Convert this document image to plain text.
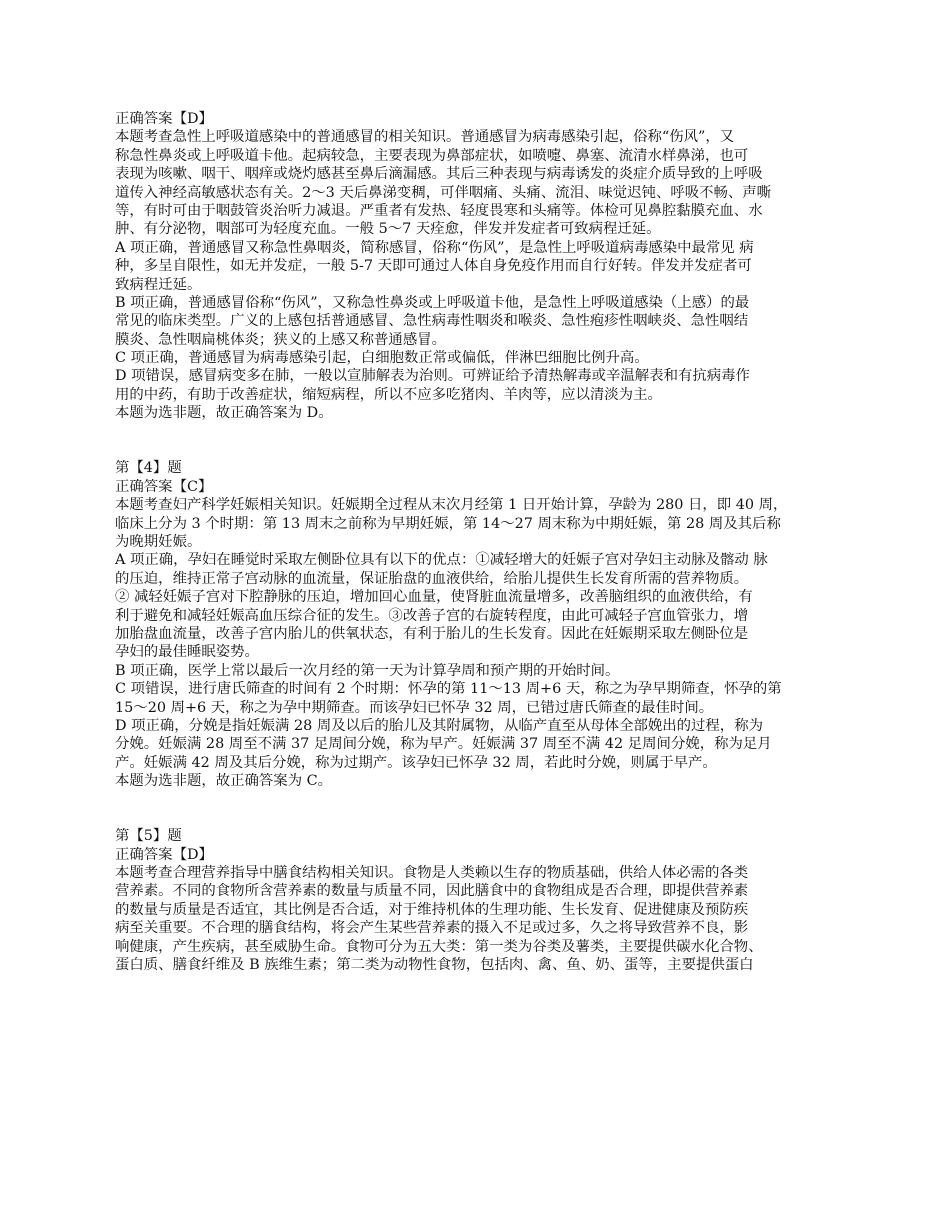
正确答案【D】
本题考查急性上呼吸道感染中的普通感冒的相关知识。普通感冒为病毒感染引起，俗称“伤风”，又
称急性鼻炎或上呼吸道卡他。起病较急，主要表现为鼻部症状，如喷嚏、鼻塞、流清水样鼻涕，也可
表现为咳嗽、咽干、咽痒或烧灼感甚至鼻后滴漏感。其后三种表现与病毒诱发的炎症介质导致的上呼吸
道传入神经高敏感状态有关。2～3 天后鼻涕变稠，可伴咽痛、头痛、流泪、味觉迟钝、呼吸不畅、声嘶
等，有时可由于咽鼓管炎治听力减退。严重者有发热、轻度畏寒和头痛等。体检可见鼻腔黏膜充血、水
肿、有分泌物，咽部可为轻度充血。一般 5～7 天痊愈，伴发并发症者可致病程迁延。
A 项正确，普通感冒又称急性鼻咽炎，简称感冒，俗称“伤风”，是急性上呼吸道病毒感染中最常见 病
种，多呈自限性，如无并发症，一般 5-7 天即可通过人体自身免疫作用而自行好转。伴发并发症者可
致病程迁延。
B 项正确，普通感冒俗称“伤风”，又称急性鼻炎或上呼吸道卡他，是急性上呼吸道感染（上感）的最
常见的临床类型。广义的上感包括普通感冒、急性病毒性咽炎和喉炎、急性疱疹性咽峡炎、急性咽结
膜炎、急性咽扁桃体炎；狭义的上感又称普通感冒。
C 项正确，普通感冒为病毒感染引起，白细胞数正常或偏低，伴淋巴细胞比例升高。
D 项错误，感冒病变多在肺，一般以宣肺解表为治则。可辨证给予清热解毒或辛温解表和有抗病毒作
用的中药，有助于改善症状，缩短病程，所以不应多吃猪肉、羊肉等，应以清淡为主。
本题为选非题，故正确答案为 D。
第【4】题
正确答案【C】
本题考查妇产科学妊娠相关知识。妊娠期全过程从末次月经第 1 日开始计算，孕龄为 280 日，即 40 周，
临床上分为 3 个时期：第 13 周末之前称为早期妊娠，第 14～27 周末称为中期妊娠，第 28 周及其后称
为晚期妊娠。
A 项正确，孕妇在睡觉时采取左侧卧位具有以下的优点：①减轻增大的妊娠子宫对孕妇主动脉及髂动 脉
的压迫，维持正常子宫动脉的血流量，保证胎盘的血液供给，给胎儿提供生长发育所需的营养物质。
② 减轻妊娠子宫对下腔静脉的压迫，增加回心血量，使肾脏血流量增多，改善脑组织的血液供给，有
利于避免和减轻妊娠高血压综合征的发生。③改善子宫的右旋转程度，由此可减轻子宫血管张力，增
加胎盘血流量，改善子宫内胎儿的供氧状态，有利于胎儿的生长发育。因此在妊娠期采取左侧卧位是
孕妇的最佳睡眠姿势。
B 项正确，医学上常以最后一次月经的第一天为计算孕周和预产期的开始时间。
C 项错误，进行唐氏筛查的时间有 2 个时期：怀孕的第 11～13 周+6 天，称之为孕早期筛查，怀孕的第
15～20 周+6 天，称之为孕中期筛查。而该孕妇已怀孕 32 周，已错过唐氏筛查的最佳时间。
D 项正确，分娩是指妊娠满 28 周及以后的胎儿及其附属物，从临产直至从母体全部娩出的过程，称为
分娩。妊娠满 28 周至不满 37 足周间分娩，称为早产。妊娠满 37 周至不满 42 足周间分娩，称为足月
产。妊娠满 42 周及其后分娩，称为过期产。该孕妇已怀孕 32 周，若此时分娩，则属于早产。
本题为选非题，故正确答案为 C。
第【5】题
正确答案【D】
本题考查合理营养指导中膳食结构相关知识。食物是人类赖以生存的物质基础，供给人体必需的各类
营养素。不同的食物所含营养素的数量与质量不同，因此膳食中的食物组成是否合理，即提供营养素
的数量与质量是否适宜，其比例是否合适，对于维持机体的生理功能、生长发育、促进健康及预防疾
病至关重要。不合理的膳食结构，将会产生某些营养素的摄入不足或过多，久之将导致营养不良，影
响健康，产生疾病，甚至威胁生命。食物可分为五大类：第一类为谷类及薯类，主要提供碳水化合物、
蛋白质、膳食纤维及 B 族维生素；第二类为动物性食物，包括肉、禽、鱼、奶、蛋等，主要提供蛋白
